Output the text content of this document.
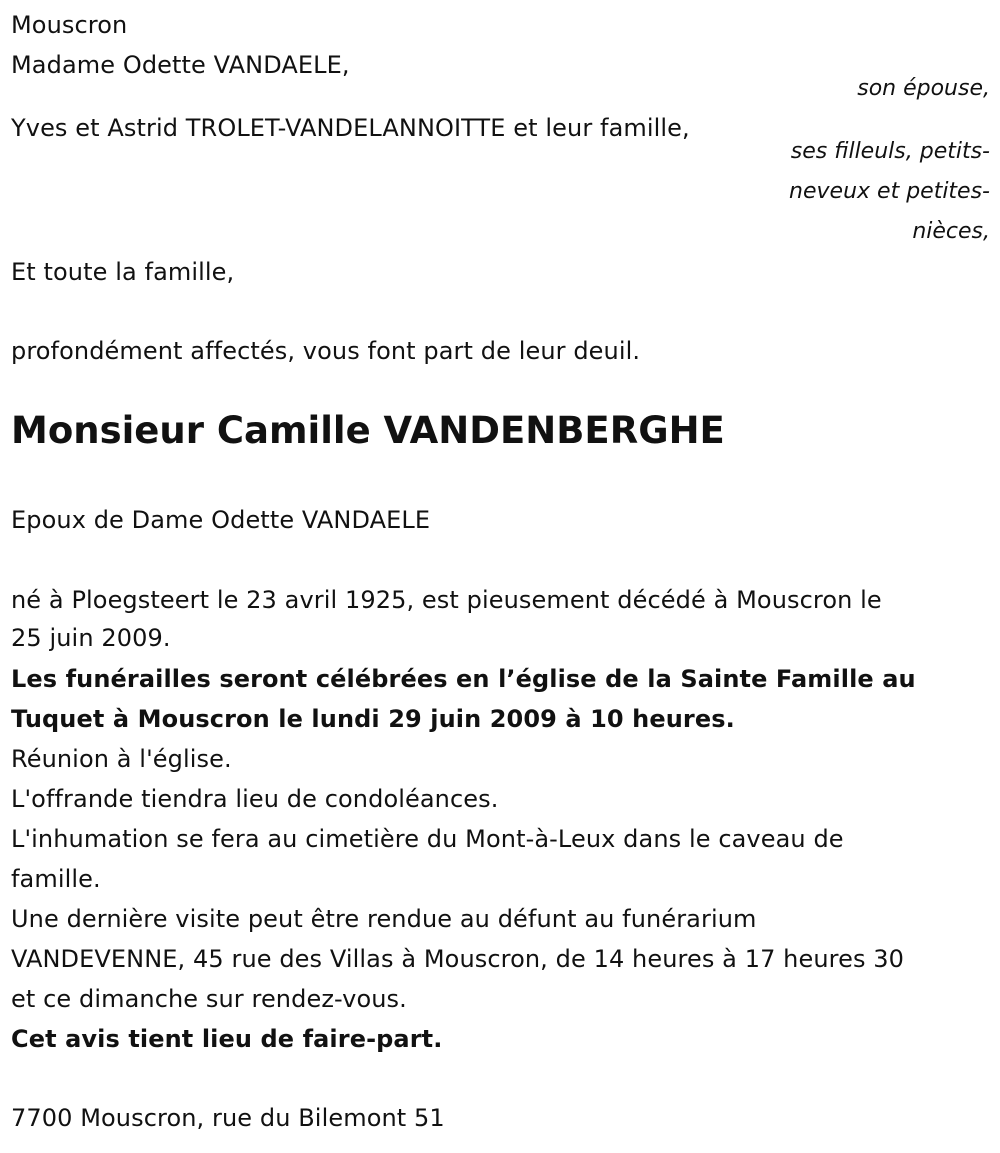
Mouscron
Madame Odette VANDAELE,
son épouse,
Yves et Astrid TROLET-VANDELANNOITTE et leur famille,
ses filleuls, petits-
neveux et petites-
nièces,
Et toute la famille,
profondément affectés, vous font part de leur deuil.
Monsieur Camille VANDENBERGHE
Epoux de Dame Odette VANDAELE
né à Ploegsteert le 23 avril 1925, est pieusement décédé à Mouscron le
25 juin 2009.
Les funérailles seront célébrées en l’église de la Sainte Famille au
Tuquet à Mouscron le lundi 29 juin 2009 à 10 heures.
Réunion à l'église.
L'offrande tiendra lieu de condoléances.
L'inhumation se fera au cimetière du Mont-à-Leux dans le caveau de
famille.
Une dernière visite peut être rendue au défunt au funérarium
VANDEVENNE, 45 rue des Villas à Mouscron, de 14 heures à 17 heures 30
et ce dimanche sur rendez-vous.
Cet avis tient lieu de faire-part.
7700 Mouscron, rue du Bilemont 51
